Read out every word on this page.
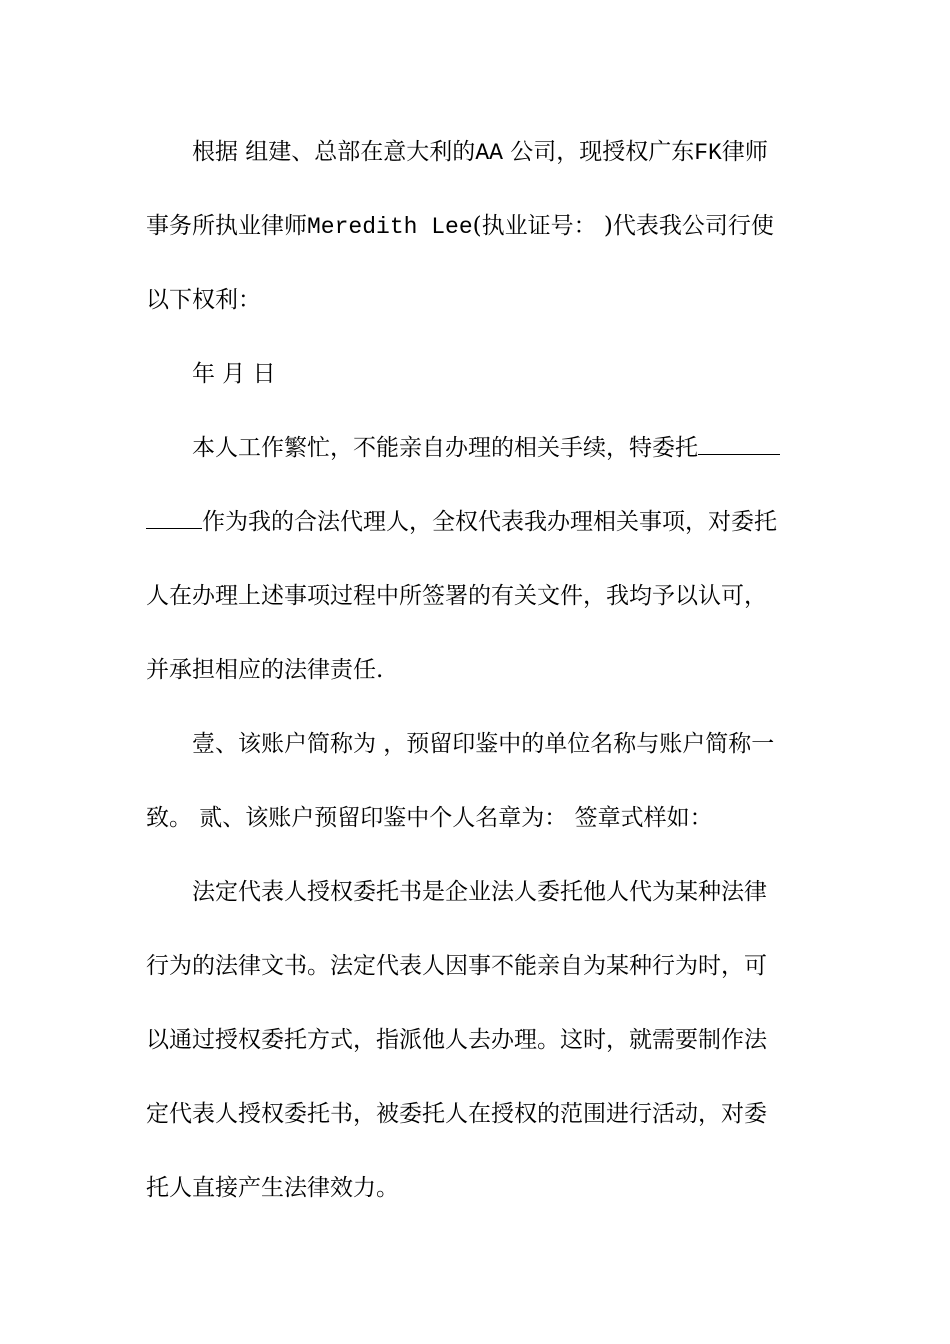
根据 组建、总部在意大利的AA 公司，现授权广东FK律师
事务所执业律师Meredith Lee(执业证号： )代表我公司行使
以下权利：
年 月 日
本人工作繁忙，不能亲自办理的相关手续，特委托
作为我的合法代理人，全权代表我办理相关事项，对委托
人在办理上述事项过程中所签署的有关文件，我均予以认可，
并承担相应的法律责任.
壹、该账户简称为 ，预留印鉴中的单位名称与账户简称一
致。 贰、该账户预留印鉴中个人名章为： 签章式样如：
法定代表人授权委托书是企业法人委托他人代为某种法律
行为的法律文书。法定代表人因事不能亲自为某种行为时，可
以通过授权委托方式，指派他人去办理。这时，就需要制作法
定代表人授权委托书，被委托人在授权的范围进行活动，对委
托人直接产生法律效力。
